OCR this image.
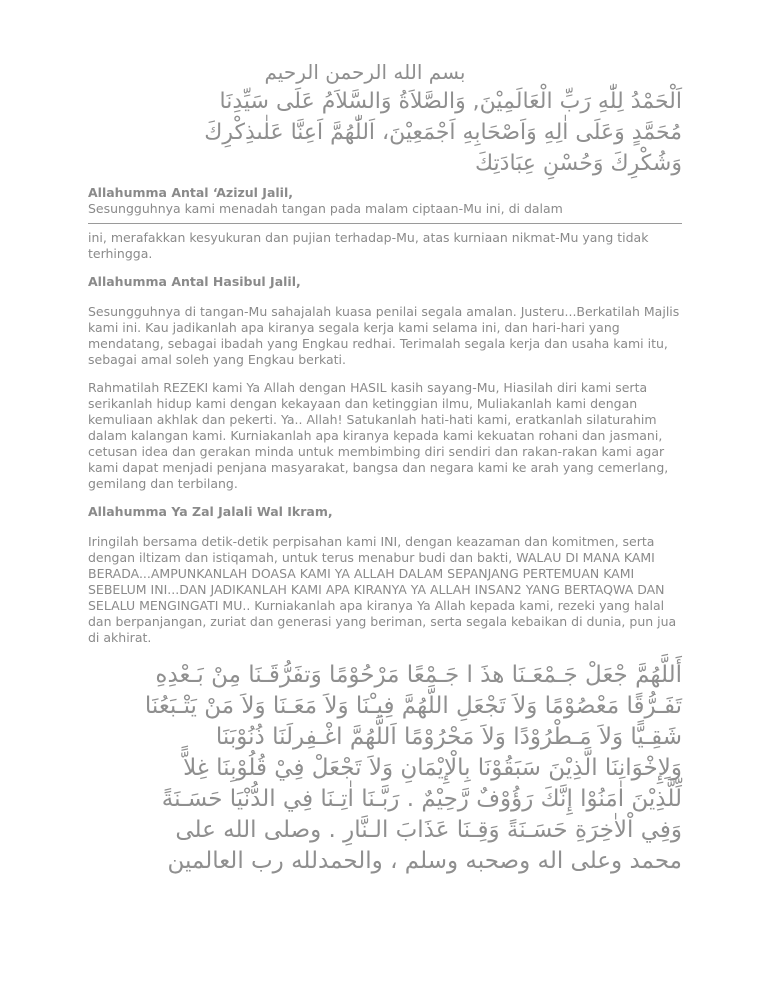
بسم الله الرحمن الرحيم

اَلْحَمْدُ لِلّٰهِ رَبِّ الْعَالَمِيْنَ, وَالصَّلاَةُ وَالسَّلاَمُ عَلَى سَيِّدِنَا
مُحَمَّدٍ وَعَلَى اٰلِهِ وَاَصْحَابِهِ اَجْمَعِيْنَ، اَللّٰهُمَّ اَعِنَّا عَلٰىذِكْرِكَ
وَشُكْرِكَ وَحُسْنِ عِبَادَتِكَ

Allahumma Antal ‘Azizul Jalil,

Sesungguhnya kami menadah tangan pada malam ciptaan-Mu ini, di dalam

ini, merafakkan kesyukuran dan pujian terhadap-Mu, atas kurniaan nikmat-Mu yang tidak terhingga.

Allahumma Antal Hasibul Jalil,

Sesungguhnya di tangan-Mu sahajalah kuasa penilai segala amalan. Justeru...Berkatilah Majlis kami ini. Kau jadikanlah apa kiranya segala kerja kami selama ini, dan hari-hari yang mendatang, sebagai ibadah yang Engkau redhai. Terimalah segala kerja dan usaha kami itu, sebagai amal soleh yang Engkau berkati.

Rahmatilah REZEKI kami Ya Allah dengan HASIL kasih sayang-Mu, Hiasilah diri kami serta serikanlah hidup kami dengan kekayaan dan ketinggian ilmu, Muliakanlah kami dengan kemuliaan akhlak dan pekerti. Ya.. Allah! Satukanlah hati-hati kami, eratkanlah silaturahim dalam kalangan kami. Kurniakanlah apa kiranya kepada kami kekuatan rohani dan jasmani, cetusan idea dan gerakan minda untuk membimbing diri sendiri dan rakan-rakan kami agar kami dapat menjadi penjana masyarakat, bangsa dan negara kami ke arah yang cemerlang, gemilang dan terbilang.

Allahumma Ya Zal Jalali Wal Ikram,

Iringilah bersama detik-detik perpisahan kami INI, dengan keazaman dan komitmen, serta dengan iltizam dan istiqamah, untuk terus menabur budi dan bakti, WALAU DI MANA KAMI BERADA...AMPUNKANLAH DOASA KAMI YA ALLAH DALAM SEPANJANG PERTEMUAN KAMI SEBELUM INI...DAN JADIKANLAH KAMI APA KIRANYA YA ALLAH INSAN2 YANG BERTAQWA DAN SELALU MENGINGATI MU.. Kurniakanlah apa kiranya Ya Allah kepada kami, rezeki yang halal dan berpanjangan, zuriat dan generasi yang beriman, serta segala kebaikan di dunia, pun jua di akhirat.

أَللَّهُمَّ جْعَلْ جَـمْعَـنَا هذَ ا جَـمْعًا مَرْحُوْمًا وَتفَرُّقَـنَا مِنْ بَـعْدِهِ
تَفَـرُّقًا مَعْصُوْمًا وَلاَ تَجْعَلِ اللَّهُمَّ فِيـْنَا وَلاَ مَعَـنَا وَلاَ مَنْ يَتْـبَعُنَا
شَقِـيًّا وَلاَ مَـطْرُوْدًا وَلاَ مَحْرُوْمًا اَللَّهُمَّ اغْـفِرلَنَا ذُنُوْبَنَا
وَلِإِخْوَانِنَا الَّذِيْنَ سَبَقُوْنَا بِالْإِيْمَانِ وَلاَ تَجْعَلْ فِيْ قُلُوْبِنَا غِلاًّ
لِّلَّذِيْنَ اٰمَنُوْا إِنَّكَ رَؤُوْفٌ رَّحِيْمٌ . رَبَّـنَا اٰتِـنَا فِي الدُّنْيَا حَسَـنَةً
وَفِي اْلاٰخِرَةِ حَسَـنَةً وَقِـنَا عَذَابَ الـنَّارِ . وصلى الله على
محمد وعلى اله وصحبه وسلم ، والحمدلله رب العالمين
